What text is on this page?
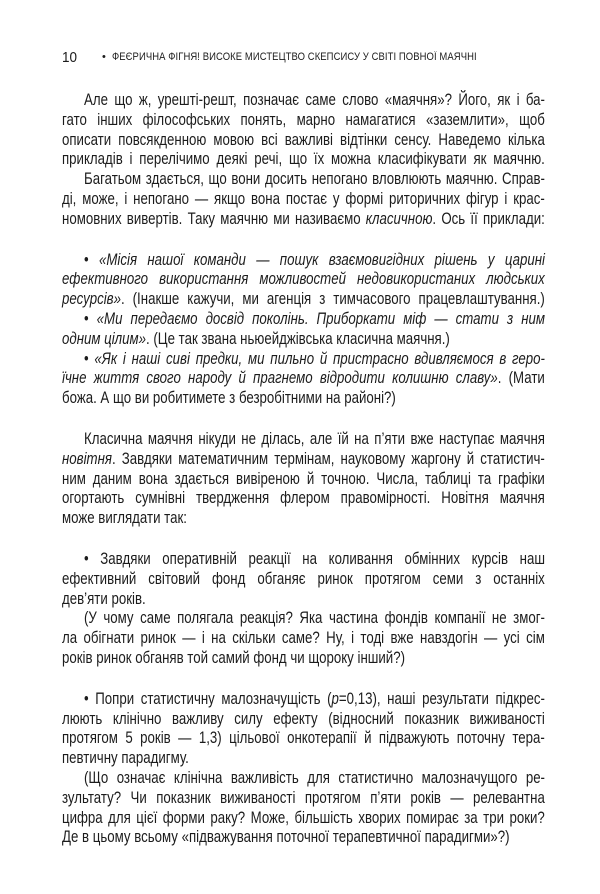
10	• ФЕЄРИЧНА ФІГНЯ! ВИСОКЕ МИСТЕЦТВО СКЕПСИСУ У СВІТІ ПОВНОЇ МАЯЧНІ
Але що ж, урешті-решт, позначає саме слово «маячня»? Його, як і ба-
гато інших філософських понять, марно намагатися «заземлити», щоб
описати повсякденною мовою всі важливі відтінки сенсу. Наведемо кілька
прикладів і перелічимо деякі речі, що їх можна класифікувати як маячню.
Багатьом здається, що вони досить непогано вловлюють маячню. Справ-
ді, може, і непогано — якщо вона постає у формі риторичних фігур і крас-
номовних вивертів. Таку маячню ми називаємо класичною. Ось її приклади:
• «Місія нашої команди — пошук взаємовигідних рішень у царині
ефективного використання можливостей недовикористаних людських
ресурсів». (Інакше кажучи, ми агенція з тимчасового працевлаштування.)
• «Ми передаємо досвід поколінь. Приборкати міф — стати з ним
одним цілим». (Це так звана ньюейджівська класична маячня.)
• «Як і наші сиві предки, ми пильно й пристрасно вдивляємося в геро-
їчне життя свого народу й прагнемо відродити колишню славу». (Мати
божа. А що ви робитимете з безробітними на районі?)
Класична маячня нікуди не ділась, але їй на п’яти вже наступає маячня
новітня. Завдяки математичним термінам, науковому жаргону й статистич-
ним даним вона здається вивіреною й точною. Числа, таблиці та графіки
огортають сумнівні твердження флером правомірності. Новітня маячня
може виглядати так:
• Завдяки оперативній реакції на коливання обмінних курсів наш
ефективний світовий фонд обганяє ринок протягом семи з останніх
дев’яти років.
(У чому саме полягала реакція? Яка частина фондів компанії не змог-
ла обігнати ринок — і на скільки саме? Ну, і тоді вже навздогін — усі сім
років ринок обганяв той самий фонд чи щороку інший?)
• Попри статистичну малозначущість (p=0,13), наші результати підкрес-
люють клінічно важливу силу ефекту (відносний показник виживаності
протягом 5 років — 1,3) цільової онкотерапії й підважують поточну тера-
певтичну парадигму.
(Що означає клінічна важливість для статистично малозначущого ре-
зультату? Чи показник виживаності протягом п’яти років — релевантна
цифра для цієї форми раку? Може, більшість хворих помирає за три роки?
Де в цьому всьому «підважування поточної терапевтичної парадигми»?)
